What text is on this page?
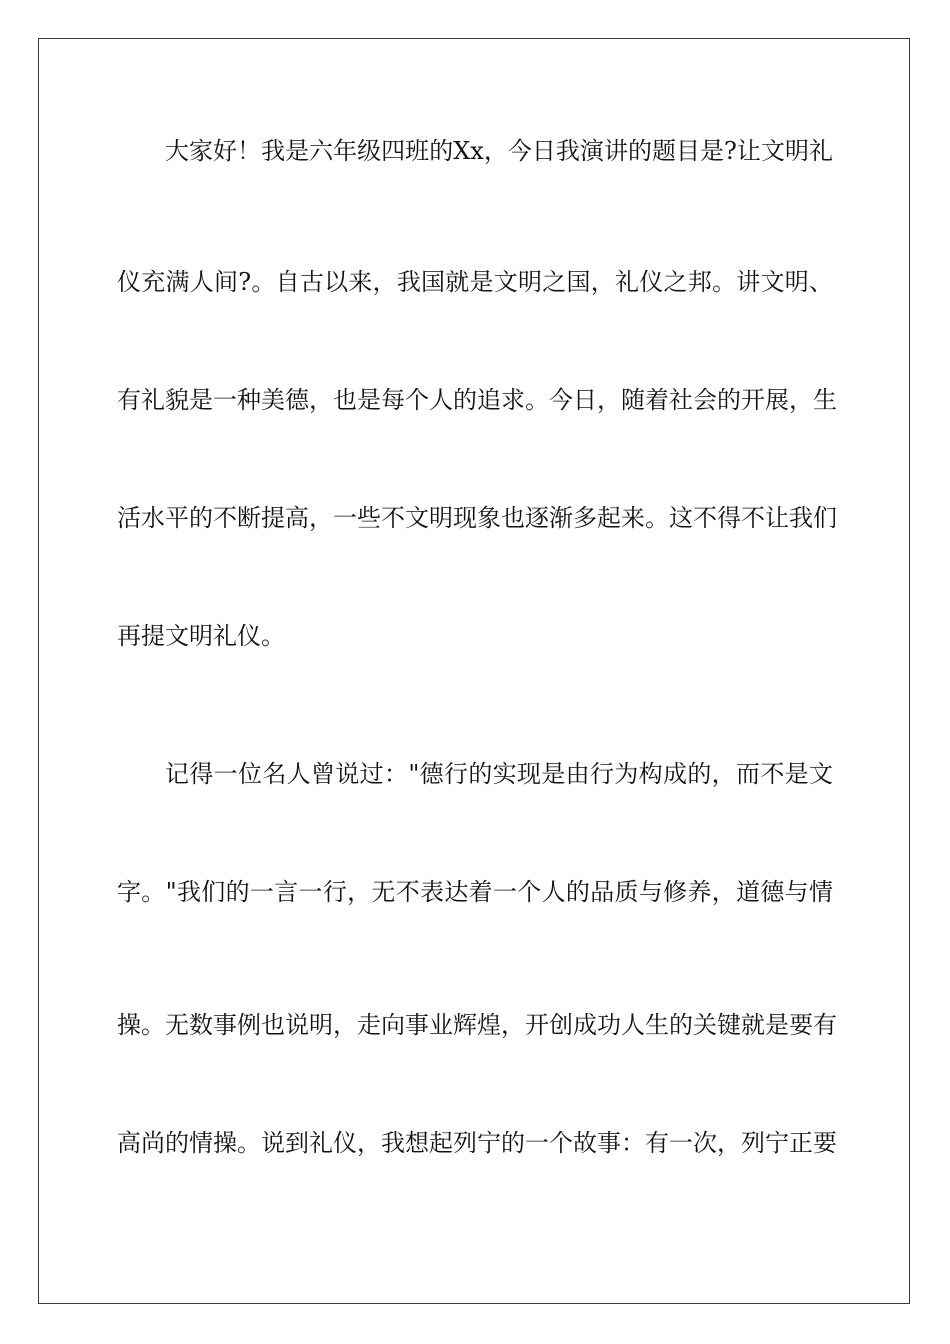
大家好！我是六年级四班的Xx，今日我演讲的题目是?让文明礼
仪充满人间?。自古以来，我国就是文明之国，礼仪之邦。讲文明、
有礼貌是一种美德，也是每个人的追求。今日，随着社会的开展，生
活水平的不断提高，一些不文明现象也逐渐多起来。这不得不让我们
再提文明礼仪。
记得一位名人曾说过："德行的实现是由行为构成的，而不是文
字。"我们的一言一行，无不表达着一个人的品质与修养，道德与情
操。无数事例也说明，走向事业辉煌，开创成功人生的关键就是要有
高尚的情操。说到礼仪，我想起列宁的一个故事：有一次，列宁正要
